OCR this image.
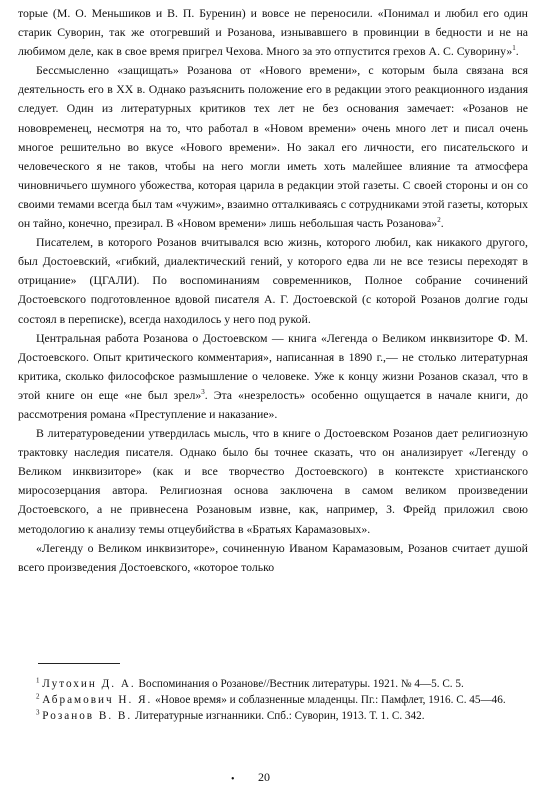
торые (М. О. Меньшиков и В. П. Буренин) и вовсе не переносили. «Понимал и любил его один старик Суворин, так же отогревший и Розанова, изнывавшего в провинции в бедности и не на любимом деле, как в свое время пригрел Чехова. Много за это отпустится грехов А. С. Суворину»$^1$.

Бессмысленно «защищать» Розанова от «Нового времени», с которым была связана вся деятельность его в XX в. Однако разъяснить положение его в редакции этого реакционного издания следует. Один из литературных критиков тех лет не без основания замечает: «Розанов не нововременец, несмотря на то, что работал в «Новом времени» очень много лет и писал очень многое решительно во вкусе «Нового времени». Но закал его личности, его писательского и человеческого я не таков, чтобы на него могли иметь хоть малейшее влияние та атмосфера чиновничьего шумного убожества, которая царила в редакции этой газеты. С своей стороны и он со своими темами всегда был там «чужим», взаимно отталкиваясь с сотрудниками этой газеты, которых он тайно, конечно, презирал. В «Новом времени» лишь небольшая часть Розанова»$^2$.

Писателем, в которого Розанов вчитывался всю жизнь, которого любил, как никакого другого, был Достоевский, «гибкий, диалектический гений, у которого едва ли не все тезисы переходят в отрицание» (ЦГАЛИ). По воспоминаниям современников, Полное собрание сочинений Достоевского подготовленное вдовой писателя А. Г. Достоевской (с которой Розанов долгие годы состоял в переписке), всегда находилось у него под рукой.

Центральная работа Розанова о Достоевском — книга «Легенда о Великом инквизиторе Ф. М. Достоевского. Опыт критического комментария», написанная в 1890 г.,— не столько литературная критика, сколько философское размышление о человеке. Уже к концу жизни Розанов сказал, что в этой книге он еще «не был зрел»$^3$. Эта «незрелость» особенно ощущается в начале книги, до рассмотрения романа «Преступление и наказание».

В литературоведении утвердилась мысль, что в книге о Достоевском Розанов дает религиозную трактовку наследия писателя. Однако было бы точнее сказать, что он анализирует «Легенду о Великом инквизиторе» (как и все творчество Достоевского) в контексте христианского миросозерцания автора. Религиозная основа заключена в самом великом произведении Достоевского, а не привнесена Розановым извне, как, например, З. Фрейд приложил свою методологию к анализу темы отцеубийства в «Братьях Карамазовых».

«Легенду о Великом инквизиторе», сочиненную Иваном Карамазовым, Розанов считает душой всего произведения Достоевского, «которое только

$^1$ Лутохин Д. А. Воспоминания о Розанове//Вестник литературы. 1921. № 4—5. С. 5.

$^2$ Абрамович Н. Я. «Новое время» и соблазненные младенцы. Пг.: Памфлет, 1916. С. 45—46.

$^3$ Розанов В. В. Литературные изгнанники. Спб.: Суворин, 1913. Т. 1. С. 342.

• 20
